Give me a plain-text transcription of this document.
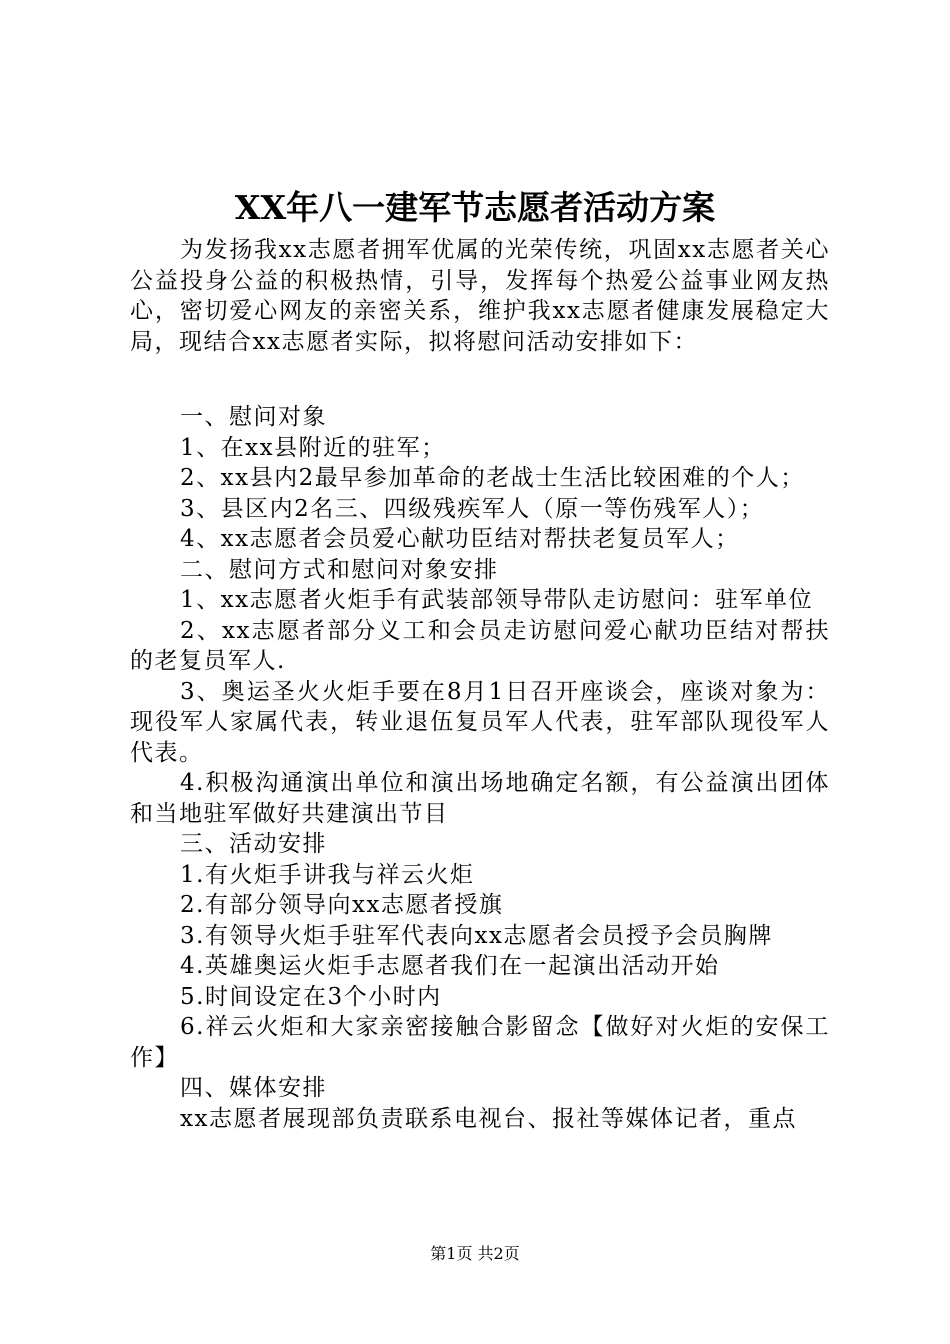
XX年八一建军节志愿者活动方案

为发扬我xx志愿者拥军优属的光荣传统，巩固xx志愿者关心公益投身公益的积极热情，引导，发挥每个热爱公益事业网友热心，密切爱心网友的亲密关系，维护我xx志愿者健康发展稳定大局，现结合xx志愿者实际，拟将慰问活动安排如下：

一、慰问对象

1、在xx县附近的驻军；

2、xx县内2最早参加革命的老战士生活比较困难的个人；

3、县区内2名三、四级残疾军人（原一等伤残军人）；

4、xx志愿者会员爱心献功臣结对帮扶老复员军人；

二、慰问方式和慰问对象安排

1、xx志愿者火炬手有武装部领导带队走访慰问：驻军单位

2、xx志愿者部分义工和会员走访慰问爱心献功臣结对帮扶的老复员军人.

3、奥运圣火火炬手要在8月1日召开座谈会，座谈对象为：现役军人家属代表，转业退伍复员军人代表，驻军部队现役军人代表。

4.积极沟通演出单位和演出场地确定名额，有公益演出团体和当地驻军做好共建演出节目

三、活动安排

1.有火炬手讲我与祥云火炬

2.有部分领导向xx志愿者授旗

3.有领导火炬手驻军代表向xx志愿者会员授予会员胸牌

4.英雄奥运火炬手志愿者我们在一起演出活动开始

5.时间设定在3个小时内

6.祥云火炬和大家亲密接触合影留念【做好对火炬的安保工作】

四、媒体安排

xx志愿者展现部负责联系电视台、报社等媒体记者，重点

第1页 共2页
